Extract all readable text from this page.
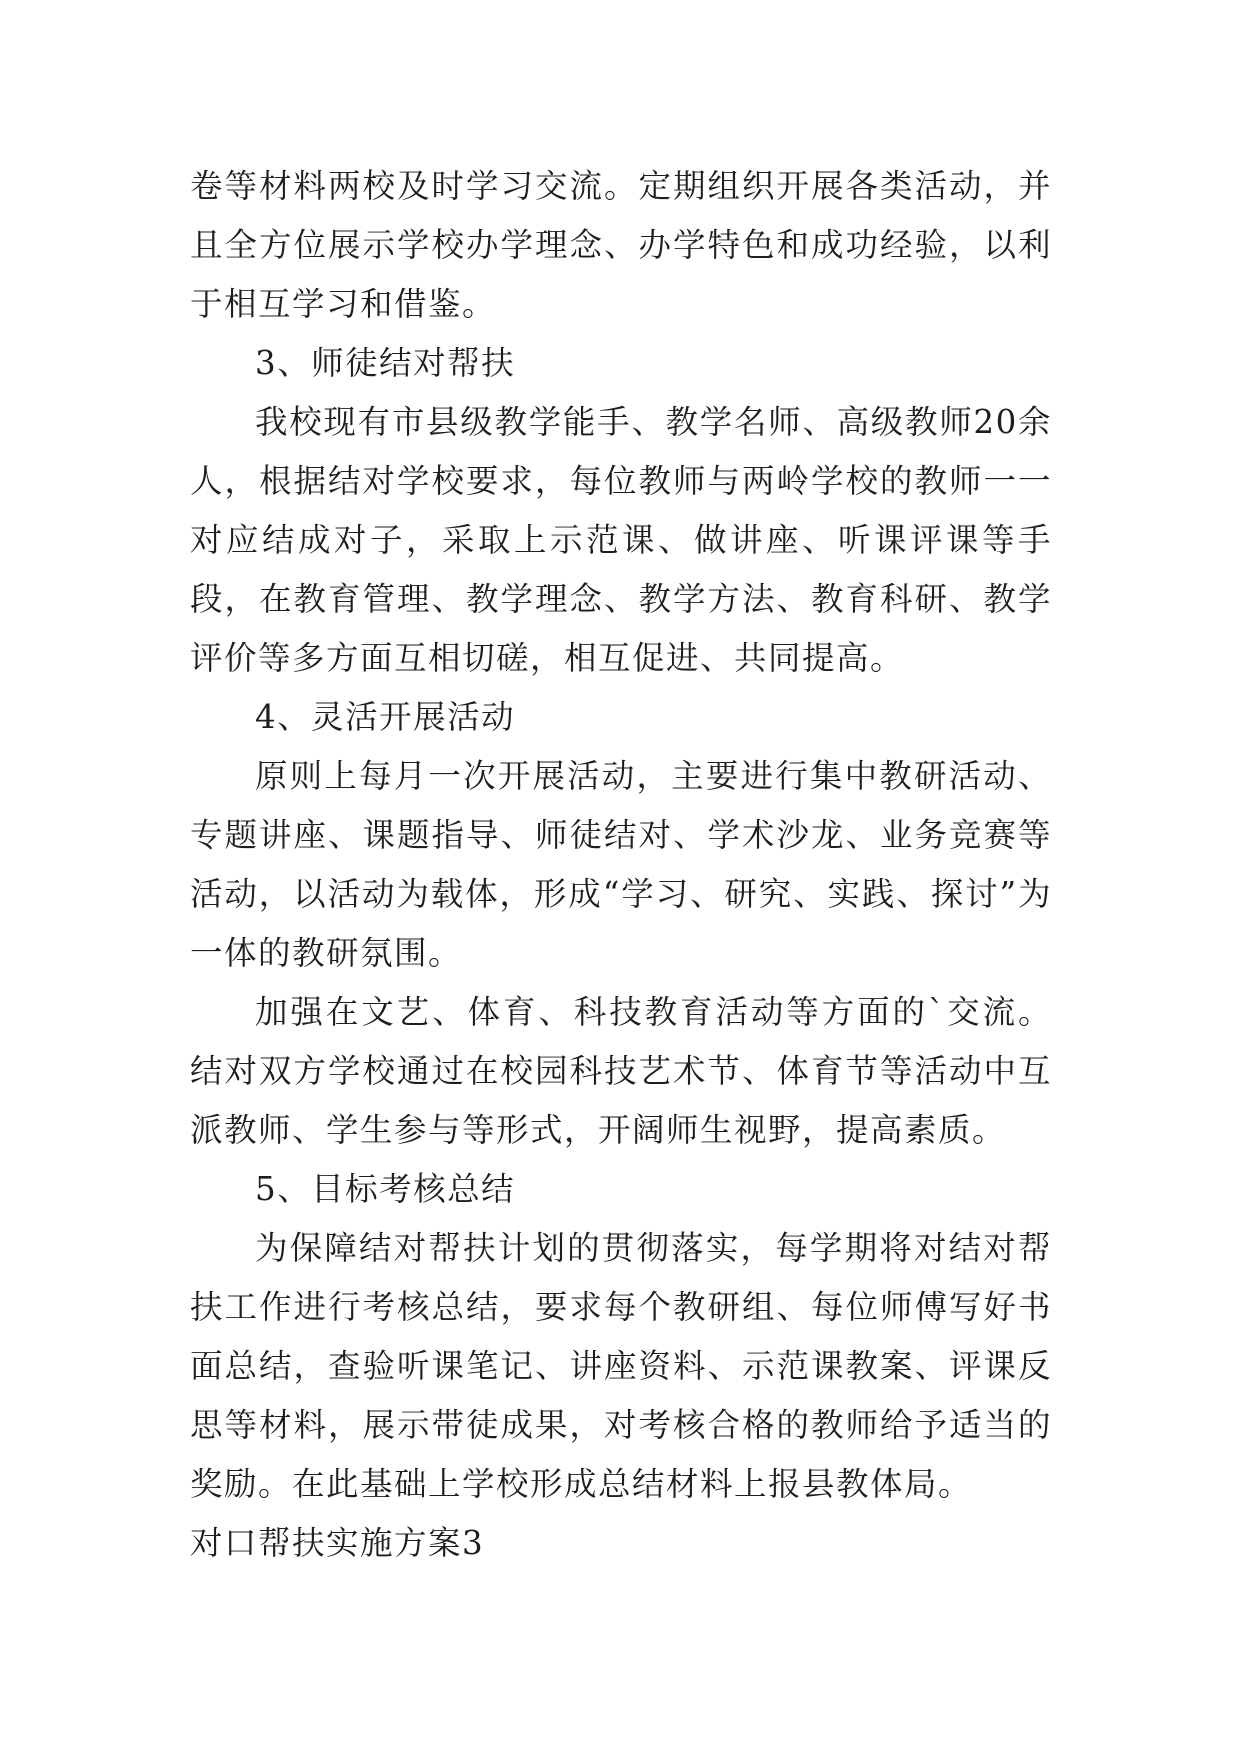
卷等材料两校及时学习交流。定期组织开展各类活动，并且全方位展示学校办学理念、办学特色和成功经验，以利于相互学习和借鉴。

3、师徒结对帮扶

我校现有市县级教学能手、教学名师、高级教师20余人，根据结对学校要求，每位教师与两岭学校的教师一一对应结成对子，采取上示范课、做讲座、听课评课等手段，在教育管理、教学理念、教学方法、教育科研、教学评价等多方面互相切磋，相互促进、共同提高。

4、灵活开展活动

原则上每月一次开展活动，主要进行集中教研活动、专题讲座、课题指导、师徒结对、学术沙龙、业务竞赛等活动，以活动为载体，形成“学习、研究、实践、探讨”为一体的教研氛围。

加强在文艺、体育、科技教育活动等方面的`交流。结对双方学校通过在校园科技艺术节、体育节等活动中互派教师、学生参与等形式，开阔师生视野，提高素质。

5、目标考核总结

为保障结对帮扶计划的贯彻落实，每学期将对结对帮扶工作进行考核总结，要求每个教研组、每位师傅写好书面总结，查验听课笔记、讲座资料、示范课教案、评课反思等材料，展示带徒成果，对考核合格的教师给予适当的奖励。在此基础上学校形成总结材料上报县教体局。

对口帮扶实施方案3
